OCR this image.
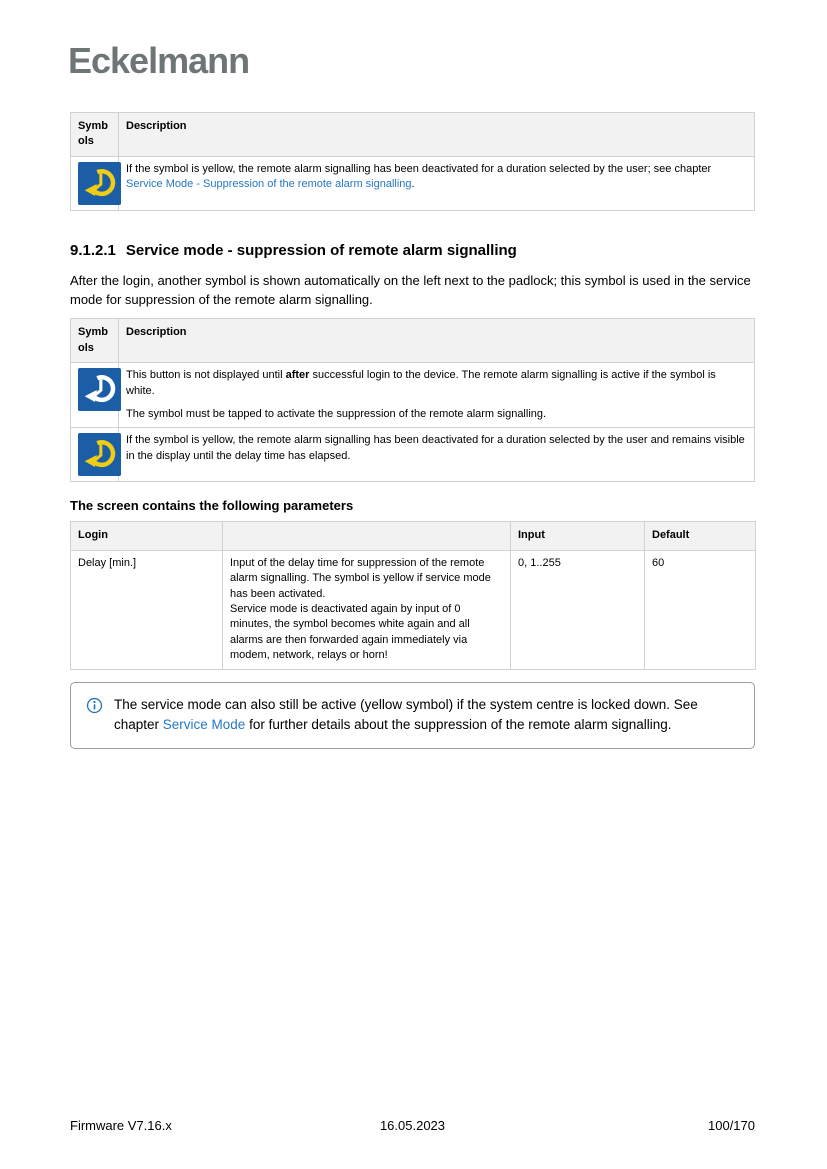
Eckelmann
Symbols	Description

	If the symbol is yellow, the remote alarm signalling has been deactivated for a duration selected by the user; see chapter Service Mode - Suppression of the remote alarm signalling.
9.1.2.1 Service mode - suppression of remote alarm signalling

After the login, another symbol is shown automatically on the left next to the padlock; this symbol is used in the service mode for suppression of the remote alarm signalling.

Symbols	Description

This button is not displayed until after successful login to the device. The remote alarm signalling is active if the symbol is white.
The symbol must be tapped to activate the suppression of the remote alarm signalling.

	If the symbol is yellow, the remote alarm signalling has been deactivated for a duration selected by the user and remains visible in the display until the delay time has elapsed.
The screen contains the following parameters
Login		Input	Default
Delay [min.]	Input of the delay time for suppression of the remote alarm signalling. The symbol is yellow if service mode has been activated.
Service mode is deactivated again by input of 0 minutes, the symbol becomes white again and all alarms are then forwarded again immediately via modem, network, relays or horn!	0, 1..255	60
The service mode can also still be active (yellow symbol) if the system centre is locked down. See chapter Service Mode for further details about the suppression of the remote alarm signalling.
16.05.2023
Firmware V7.16.x	100/170
